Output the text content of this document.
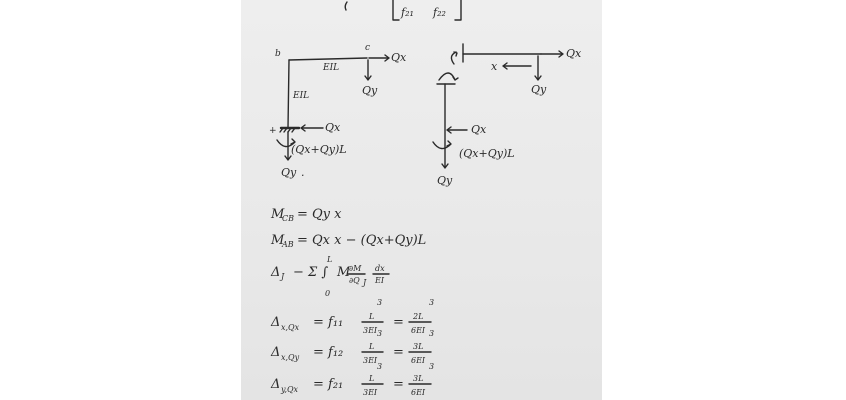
f₂₁ f₂₂
b
c
Qx
EIL
Qy
EIL
+	Qx
(Qx+Qy)L
Qy .
Qx
x
Qy
Qx
(Qx+Qy)L
Qy
M
CB = Qy x
M
AB = Qx x − (Qx+Qy)L
Δ J − Σ ∫
L
0
M
∂M
∂Q J
dx
EI
Δ x,Qx = f₁₁	L
3
3EI
= 2L
3
6EI
Δ x,Qy = f₁₂	L
3
3EI
= 3L
3
6EI
Δ y,Qx = f₂₁	L
3
3EI
= 3L
3
6EI
